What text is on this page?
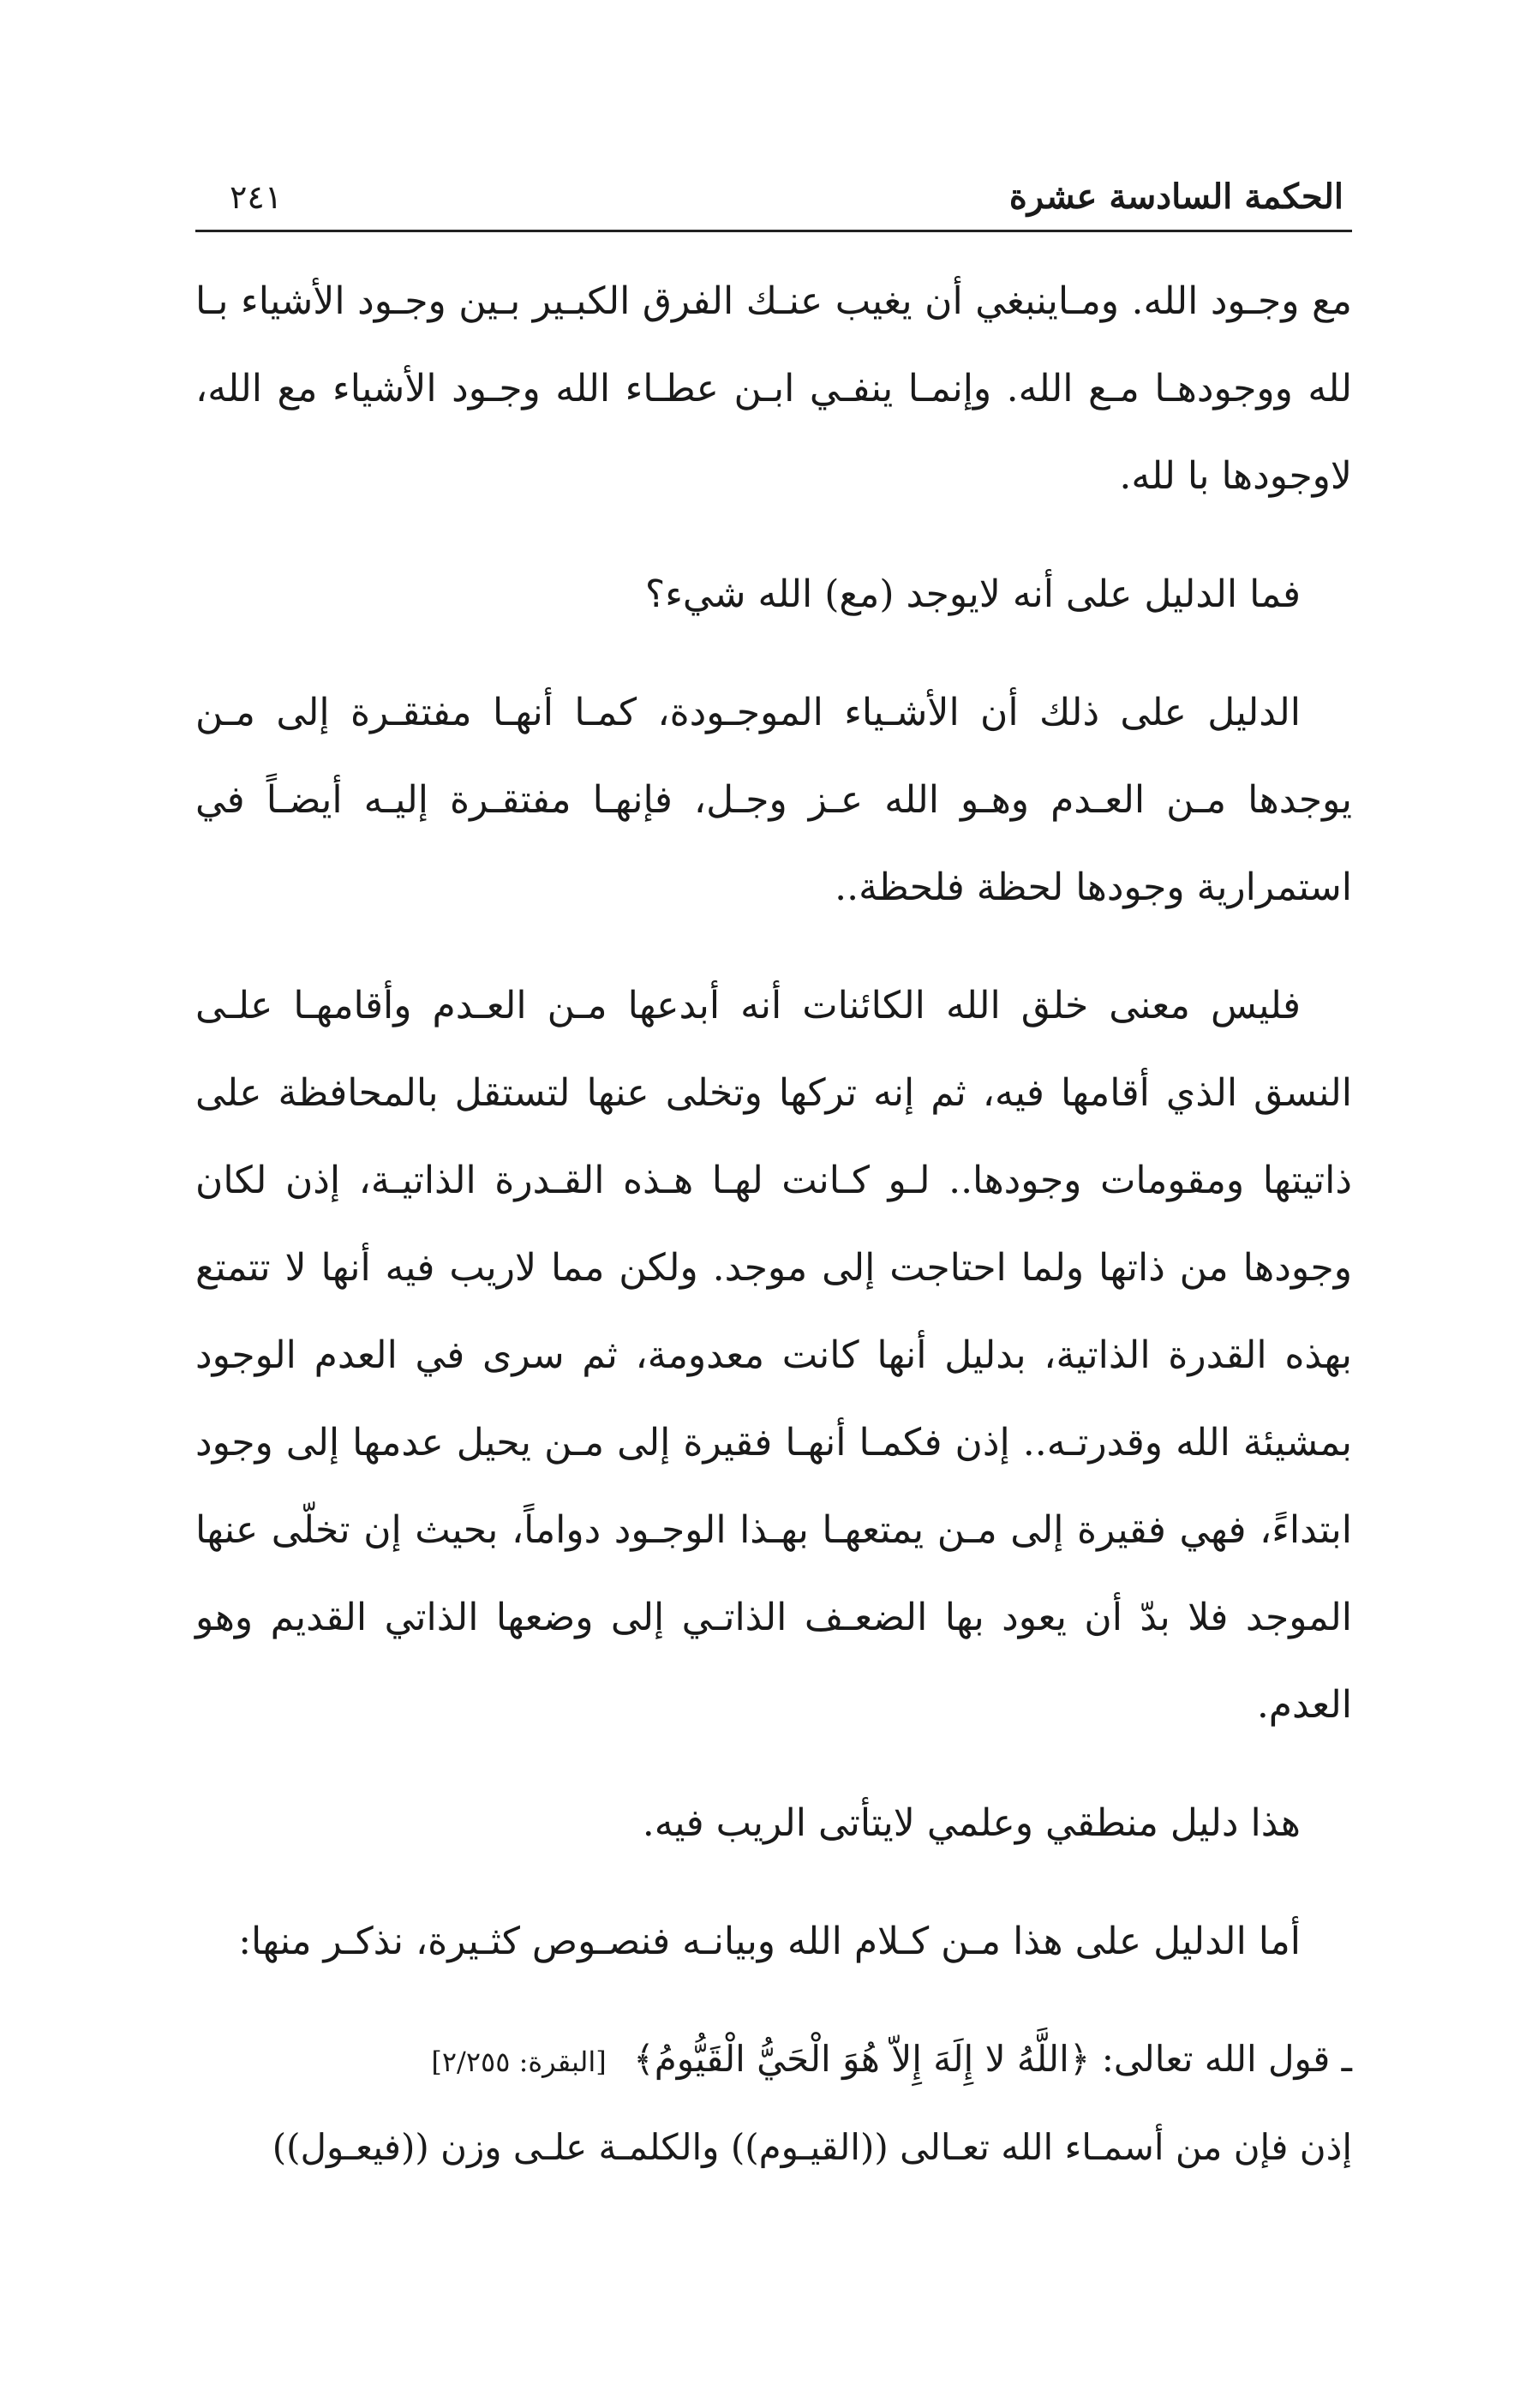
الحكمة السادسة عشرة
٢٤١

مع وجـود الله. ومـاينبغي أن يغيب عنـك الفرق الكبـير بـين وجـود الأشياء بـا لله ووجودهـا مـع الله. وإنمـا ينفـي ابـن عطـاء الله وجـود الأشياء مع الله، لاوجودها با لله.

فما الدليل على أنه لايوجد (مع) الله شيء؟

الدليل على ذلك أن الأشـياء الموجـودة، كمـا أنهـا مفتقـرة إلى مـن يوجدها مـن العـدم وهـو الله عـز وجـل، فإنهـا مفتقـرة إليـه أيضـاً في استمرارية وجودها لحظة فلحظة..

فليس معنى خلق الله الكائنات أنه أبدعها مـن العـدم وأقامهـا علـى النسق الذي أقامها فيه، ثم إنه تركها وتخلى عنها لتستقل بالمحافظة على ذاتيتها ومقومات وجودها.. لـو كـانت لهـا هـذه القـدرة الذاتيـة، إذن لكان وجودها من ذاتها ولما احتاجت إلى موجد. ولكن مما لاريب فيه أنها لا تتمتع بهذه القدرة الذاتية، بدليل أنها كانت معدومة، ثم سرى في العدم الوجود بمشيئة الله وقدرتـه.. إذن فكمـا أنهـا فقيرة إلى مـن يحيل عدمها إلى وجود ابتداءً، فهي فقيرة إلى مـن يمتعهـا بهـذا الوجـود دواماً، بحيث إن تخلّى عنها الموجد فلا بدّ أن يعود بها الضعـف الذاتـي إلى وضعها الذاتي القديم وهو العدم.

هذا دليل منطقي وعلمي لايتأتى الريب فيه.

أما الدليل على هذا مـن كـلام الله وبيانـه فنصـوص كثـيرة، نذكـر منها:

ـ قول الله تعالى: ﴿اللَّهُ لا إِلَهَ إِلاّ هُوَ الْحَيُّ الْقَيُّومُ﴾ [البقرة: ٢/٢٥٥]

إذن فإن من أسمـاء الله تعـالى ((القيـوم)) والكلمـة علـى وزن ((فيعـول))
